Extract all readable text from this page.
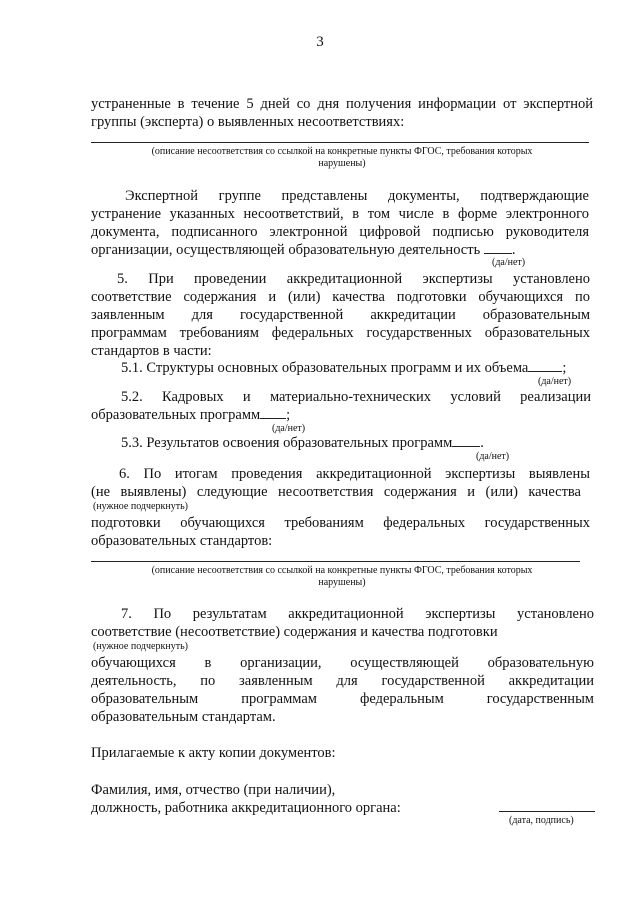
3

устраненные в течение 5 дней со дня получения информации от экспертной

группы (эксперта) о выявленных несоответствиях:

(описание несоответствия со ссылкой на конкретные пункты ФГОС, требования которых

нарушены)

Экспертной группе представлены документы, подтверждающие

устранение указанных несоответствий, в том числе в форме электронного

документа, подписанного электронной цифровой подписью руководителя

организации, осуществляющей образовательную деятельность .

(да/нет)

5. При проведении аккредитационной экспертизы установлено

соответствие содержания и (или) качества подготовки обучающихся по

заявленным для государственной аккредитации образовательным

программам требованиям федеральных государственных образовательных

стандартов в части:

5.1. Структуры основных образовательных программ и их объема ;

(да/нет)

5.2. Кадровых и материально-технических условий реализации

образовательных программ ;

(да/нет)

5.3. Результатов освоения образовательных программ .

(да/нет)

6. По итогам проведения аккредитационной экспертизы выявлены

(не выявлены) следующие несоответствия содержания и (или) качества

(нужное подчеркнуть)

подготовки обучающихся требованиям федеральных государственных

образовательных стандартов:

(описание несоответствия со ссылкой на конкретные пункты ФГОС, требования которых

нарушены)

7. По результатам аккредитационной экспертизы установлено

соответствие (несоответствие) содержания и качества подготовки

(нужное подчеркнуть)

обучающихся в организации, осуществляющей образовательную

деятельность, по заявленным для государственной аккредитации

образовательным программам федеральным государственным

образовательным стандартам.

Прилагаемые к акту копии документов:

Фамилия, имя, отчество (при наличии),

должность, работника аккредитационного органа:

(дата, подпись)
